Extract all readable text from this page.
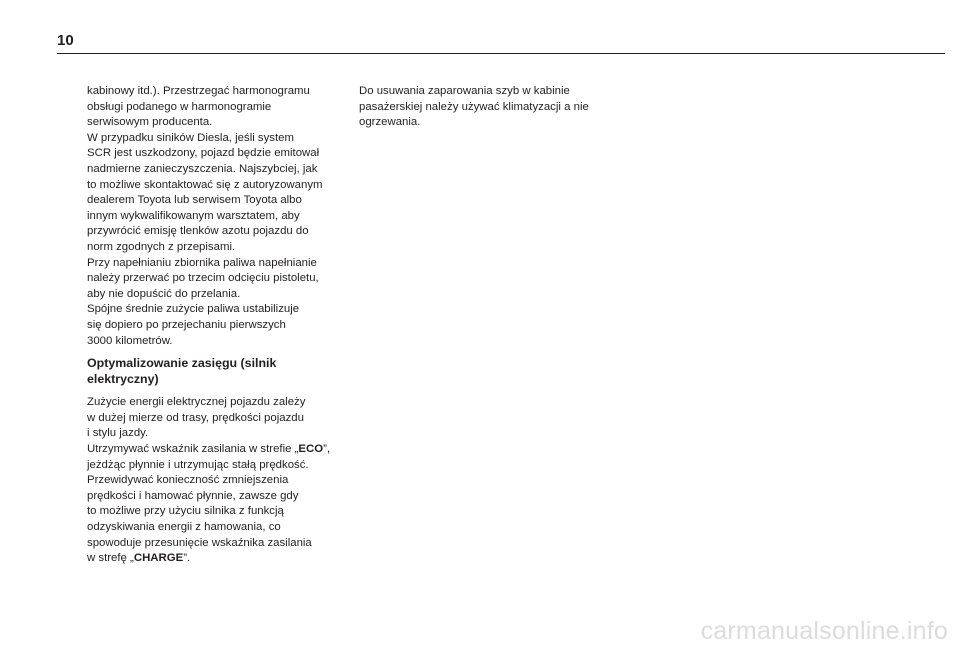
10

kabinowy itd.). Przestrzegać harmonogramu
obsługi podanego w harmonogramie
serwisowym producenta.

W przypadku siników Diesla, jeśli system
SCR jest uszkodzony, pojazd będzie emitował
nadmierne zanieczyszczenia. Najszybciej, jak
to możliwe skontaktować się z autoryzowanym
dealerem Toyota lub serwisem Toyota albo
innym wykwalifikowanym warsztatem, aby
przywrócić emisję tlenków azotu pojazdu do
norm zgodnych z przepisami.

Przy napełnianiu zbiornika paliwa napełnianie
należy przerwać po trzecim odcięciu pistoletu,
aby nie dopuścić do przelania.

Spójne średnie zużycie paliwa ustabilizuje
się dopiero po przejechaniu pierwszych
3000 kilometrów.

Optymalizowanie zasięgu (silnik
elektryczny)

Zużycie energii elektrycznej pojazdu zależy
w dużej mierze od trasy, prędkości pojazdu
i stylu jazdy.

Utrzymywać wskaźnik zasilania w strefie „ECO”,
jeżdżąc płynnie i utrzymując stałą prędkość.

Przewidywać konieczność zmniejszenia
prędkości i hamować płynnie, zawsze gdy
to możliwe przy użyciu silnika z funkcją
odzyskiwania energii z hamowania, co
spowoduje przesunięcie wskaźnika zasilania
w strefę „CHARGE”.

Do usuwania zaparowania szyb w kabinie
pasażerskiej należy używać klimatyzacji a nie
ogrzewania.

carmanualsonline.info
